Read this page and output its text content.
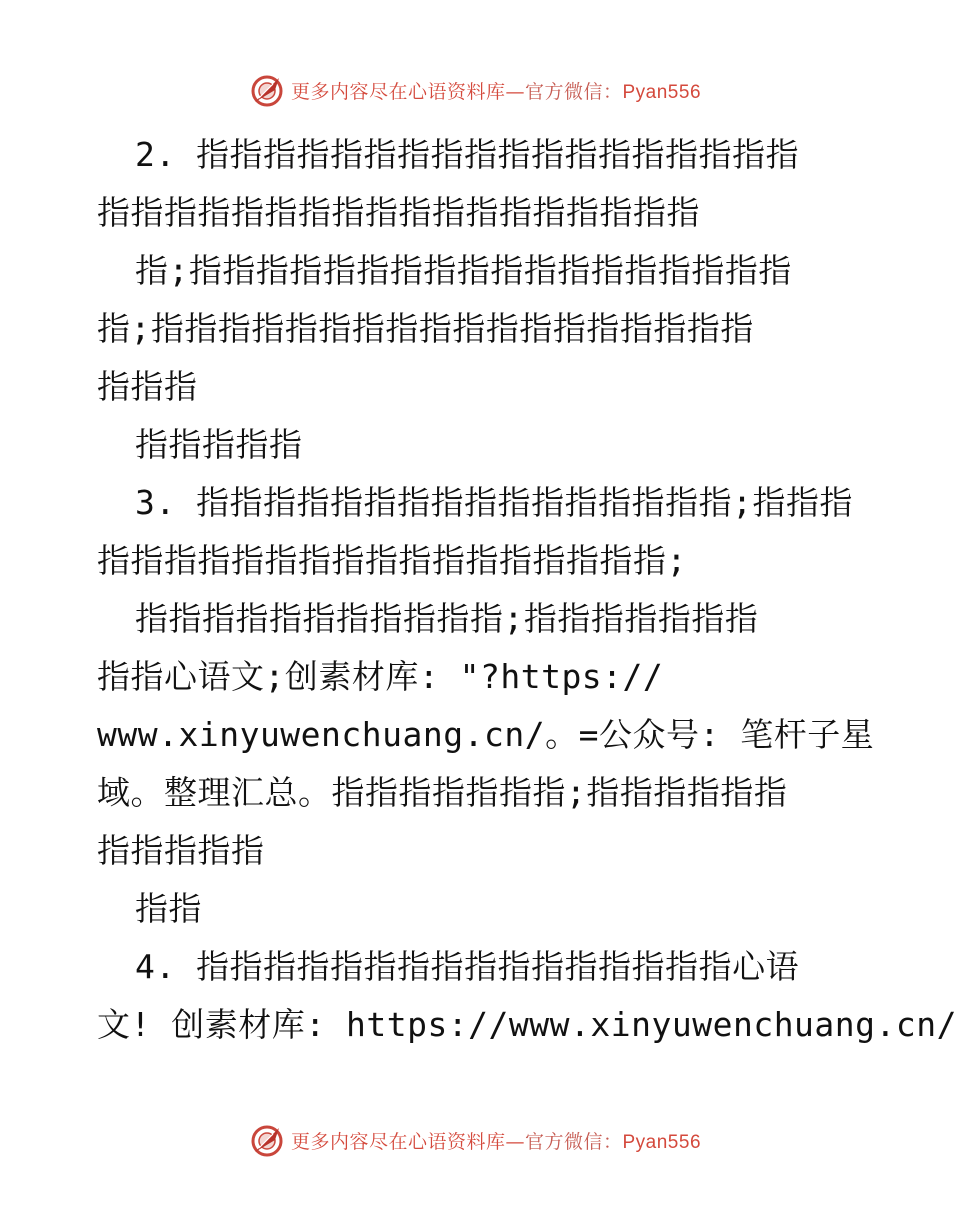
更多内容尽在心语资料库—官方微信：Pyan556
2. 指指指指指指指指指指指指指指指指指指
指指指指指指指指指指指指指指指指指指
指;指指指指指指指指指指指指指指指指指指
指;指指指指指指指指指指指指指指指指指指
指指指
指指指指指
3. 指指指指指指指指指指指指指指指指;指指指
指指指指指指指指指指指指指指指指指;
指指指指指指指指指指指;指指指指指指指
指指心语文;创素材库: "?https://
www.xinyuwenchuang.cn/。=公众号: 笔杆子星
域。整理汇总。指指指指指指指;指指指指指指
指指指指指
指指
4. 指指指指指指指指指指指指指指指指心语
文! 创素材库: https://www.xinyuwenchuang.cn/
更多内容尽在心语资料库—官方微信：Pyan556
